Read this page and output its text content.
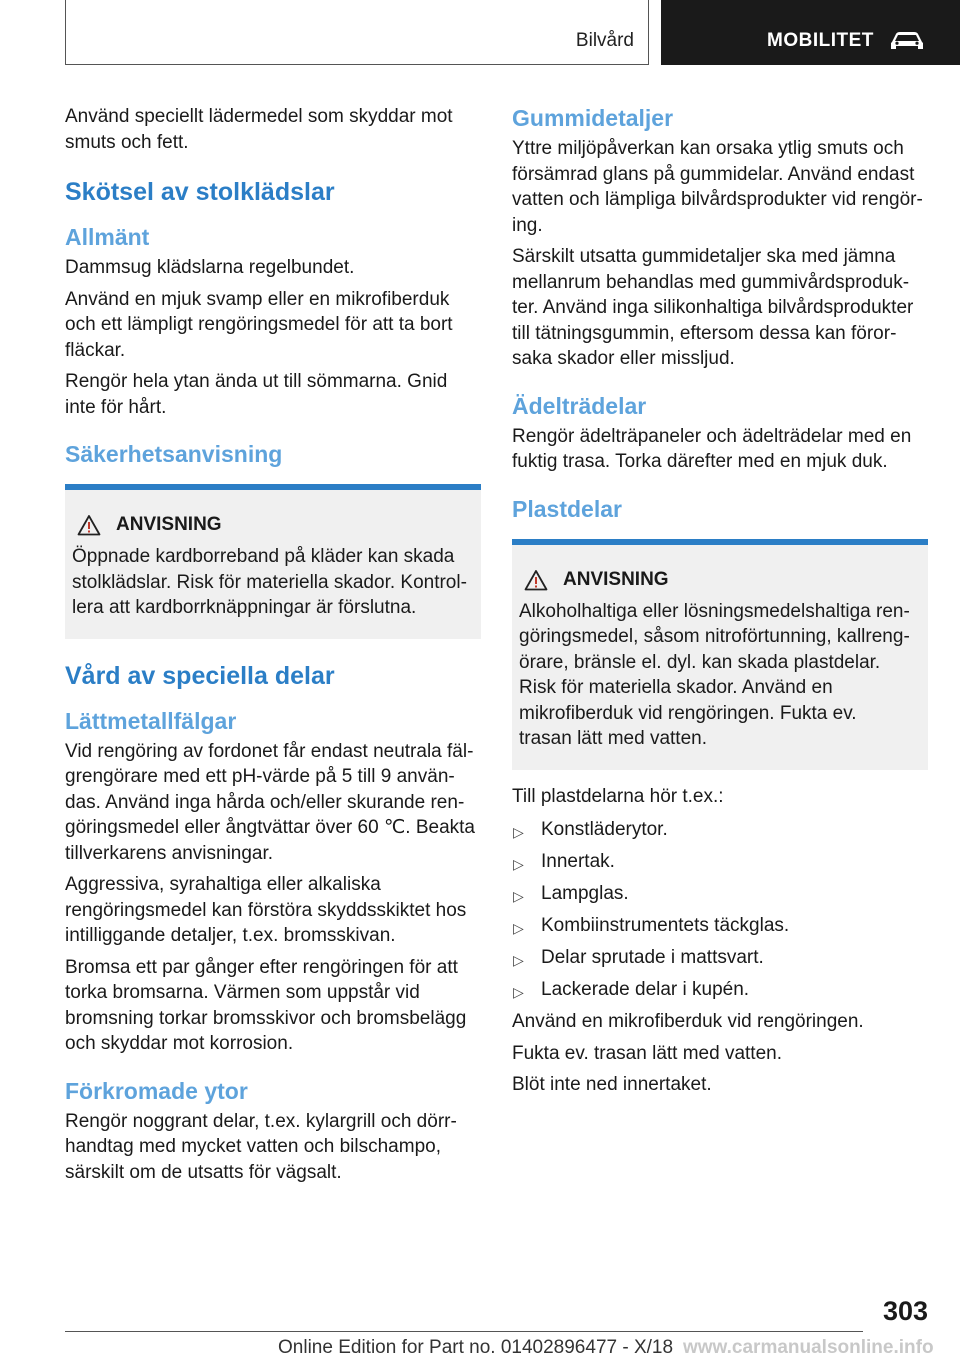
Bilvård	MOBILITET

Använd speciellt lädermedel som skyddar mot smuts och fett.

Skötsel av stolklädslar
Allmänt

Dammsug klädslarna regelbundet.

Använd en mjuk svamp eller en mikrofiberduk och ett lämpligt rengöringsmedel för att ta bort fläckar.

Rengör hela ytan ända ut till sömmarna. Gnid inte för hårt.

Säkerhetsanvisning
ANVISNING

Öppnade kardborreband på kläder kan skada stolklädslar. Risk för materiella skador. Kontrollera att kardborrknäppningar är förslutna.

Vård av speciella delar
Lättmetallfälgar

Vid rengöring av fordonet får endast neutrala fälgrengörare med ett pH-värde på 5 till 9 användas. Använd inga hårda och/eller skurande rengöringsmedel eller ångtvättar över 60 ℃. Beakta tillverkarens anvisningar.

Aggressiva, syrahaltiga eller alkaliska rengöringsmedel kan förstöra skyddsskiktet hos intilliggande detaljer, t.ex. bromsskivan.

Bromsa ett par gånger efter rengöringen för att torka bromsarna. Värmen som uppstår vid bromsning torkar bromsskivor och bromsbelägg och skyddar mot korrosion.

Förkromade ytor

Rengör noggrant delar, t.ex. kylargrill och dörrhandtag med mycket vatten och bilschampo, särskilt om de utsatts för vägsalt.

Gummidetaljer

Yttre miljöpåverkan kan orsaka ytlig smuts och försämrad glans på gummidelar. Använd endast vatten och lämpliga bilvårdsprodukter vid rengöring.

Särskilt utsatta gummidetaljer ska med jämna mellanrum behandlas med gummivårdsprodukter. Använd inga silikonhaltiga bilvårdsprodukter till tätningsgummin, eftersom dessa kan förorsaka skador eller missljud.

Ädelträdelar

Rengör ädelträpaneler och ädelträdelar med en fuktig trasa. Torka därefter med en mjuk duk.

Plastdelar
ANVISNING

Alkoholhaltiga eller lösningsmedelshaltiga rengöringsmedel, såsom nitroförtunning, kallrengörare, bränsle el. dyl. kan skada plastdelar. Risk för materiella skador. Använd en mikrofiberduk vid rengöringen. Fukta ev. trasan lätt med vatten.

Till plastdelarna hör t.ex.:

▷ Konstläderytor.
▷ Innertak.
▷ Lampglas.
▷ Kombiinstrumentets täckglas.
▷ Delar sprutade i mattsvart.
▷ Lackerade delar i kupén.

Använd en mikrofiberduk vid rengöringen.

Fukta ev. trasan lätt med vatten.

Blöt inte ned innertaket.

303
Online Edition for Part no. 01402896477 - X/18 www.carmanualsonline.info
